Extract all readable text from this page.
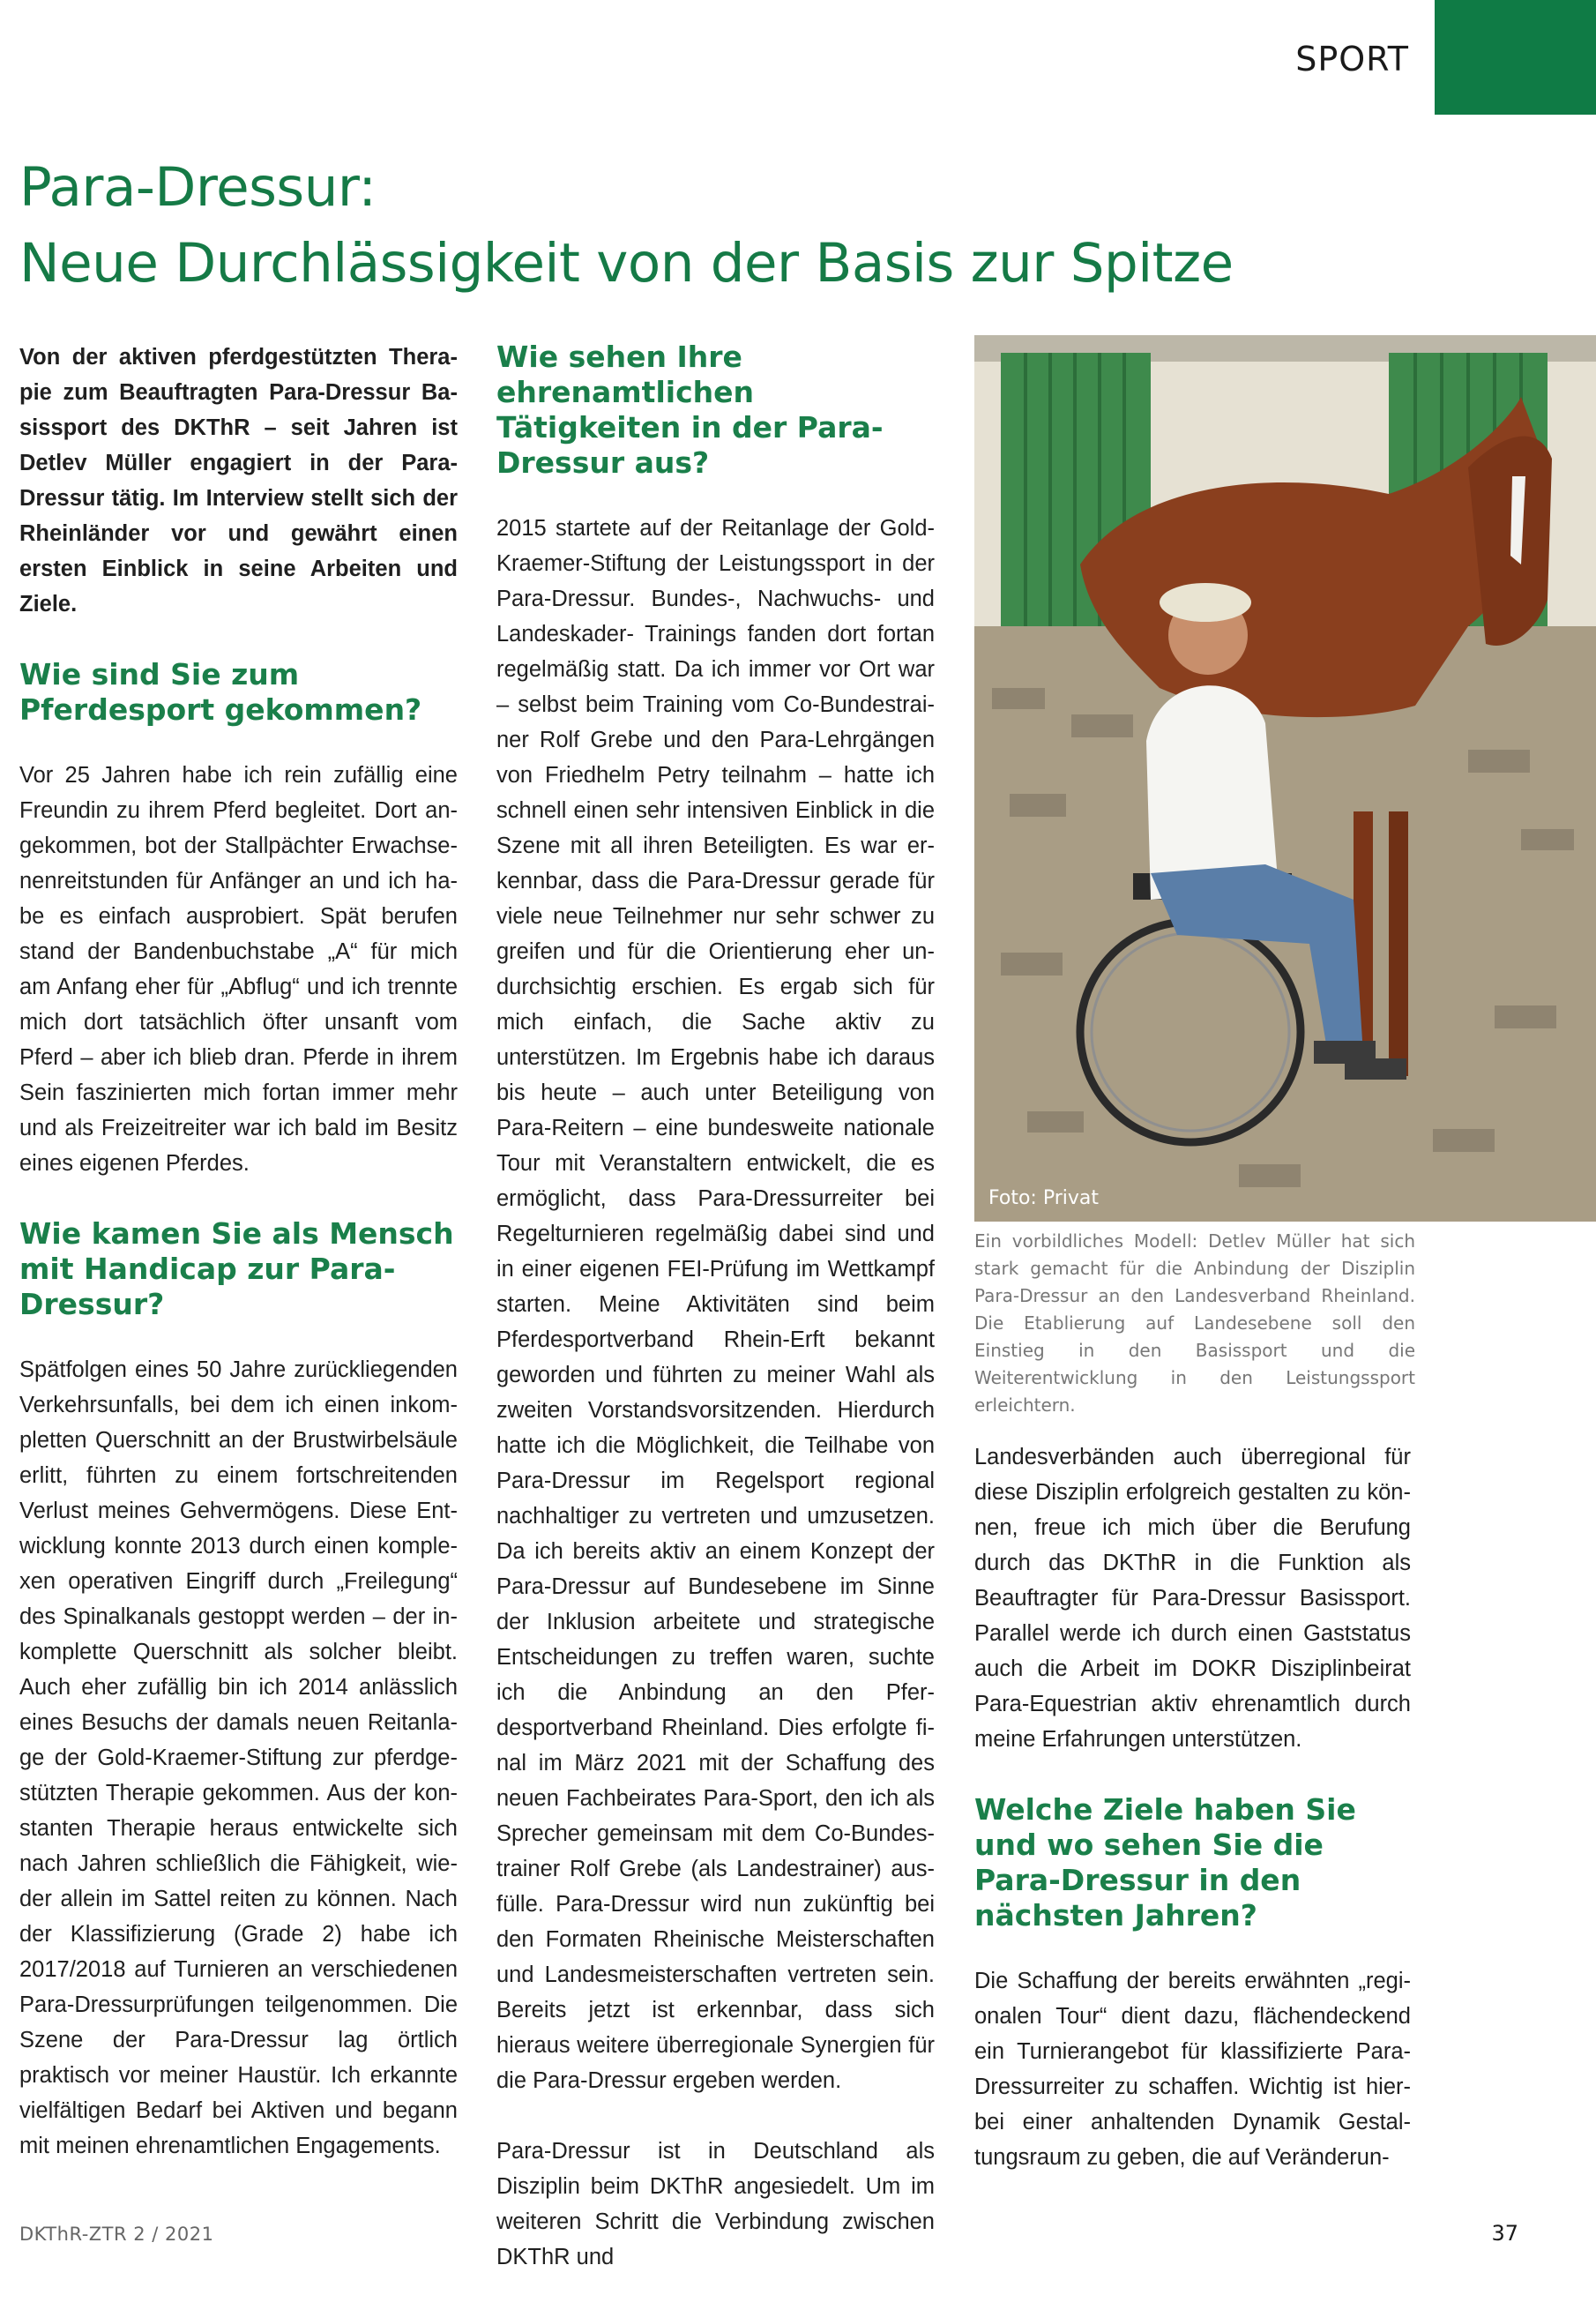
SPORT
Para-Dressur:
Neue Durchlässigkeit von der Basis zur Spitze

Von der aktiven pferdgestützten Therapie zum Beauftragten Para-Dressur Basissport des DKThR – seit Jahren ist Detlev Müller engagiert in der Para-Dressur tätig. Im Interview stellt sich der Rheinländer vor und gewährt einen ersten Einblick in seine Arbeiten und Ziele.

Wie sind Sie zum Pferdesport gekommen?

Vor 25 Jahren habe ich rein zufällig eine Freundin zu ihrem Pferd begleitet. Dort angekommen, bot der Stallpächter Erwachsenenreitstunden für Anfänger an und ich habe es einfach ausprobiert. Spät berufen stand der Bandenbuchstabe „A“ für mich am Anfang eher für „Abflug“ und ich trennte mich dort tatsächlich öfter unsanft vom Pferd – aber ich blieb dran. Pferde in ihrem Sein faszinierten mich fortan immer mehr und als Freizeitreiter war ich bald im Besitz eines eigenen Pferdes.

Wie kamen Sie als Mensch mit Handicap zur Para-Dressur?

Spätfolgen eines 50 Jahre zurückliegenden Verkehrsunfalls, bei dem ich einen inkompletten Querschnitt an der Brustwirbelsäule erlitt, führten zu einem fortschreitenden Verlust meines Gehvermögens. Diese Entwicklung konnte 2013 durch einen komplexen operativen Eingriff durch „Freilegung“ des Spinalkanals gestoppt werden – der inkomplette Querschnitt als solcher bleibt. Auch eher zufällig bin ich 2014 anlässlich eines Besuchs der damals neuen Reitanlage der Gold-Kraemer-Stiftung zur pferdgestützten Therapie gekommen. Aus der konstanten Therapie heraus entwickelte sich nach Jahren schließlich die Fähigkeit, wieder allein im Sattel reiten zu können. Nach der Klassifizierung (Grade 2) habe ich 2017/2018 auf Turnieren an verschiedenen Para-Dressurprüfungen teilgenommen. Die Szene der Para-Dressur lag örtlich praktisch vor meiner Haustür. Ich erkannte vielfältigen Bedarf bei Aktiven und begann mit meinen ehrenamtlichen Engagements.

Wie sehen Ihre ehrenamtlichen Tätigkeiten in der Para-Dressur aus?

2015 startete auf der Reitanlage der Gold-Kraemer-Stiftung der Leistungssport in der Para-Dressur. Bundes-, Nachwuchs- und Landeskader- Trainings fanden dort fortan regelmäßig statt. Da ich immer vor Ort war – selbst beim Training vom Co-Bundestrainer Rolf Grebe und den Para-Lehrgängen von Friedhelm Petry teilnahm – hatte ich schnell einen sehr intensiven Einblick in die Szene mit all ihren Beteiligten. Es war erkennbar, dass die Para-Dressur gerade für viele neue Teilnehmer nur sehr schwer zu greifen und für die Orientierung eher undurchsichtig erschien. Es ergab sich für mich einfach, die Sache aktiv zu unterstützen. Im Ergebnis habe ich daraus bis heute – auch unter Beteiligung von Para-Reitern – eine bundesweite nationale Tour mit Veranstaltern entwickelt, die es ermöglicht, dass Para-Dressurreiter bei Regelturnieren regelmäßig dabei sind und in einer eigenen FEI-Prüfung im Wettkampf starten. Meine Aktivitäten sind beim Pferdesportverband Rhein-Erft bekannt geworden und führten zu meiner Wahl als zweiten Vorstandsvorsitzenden. Hierdurch hatte ich die Möglichkeit, die Teilhabe von Para-Dressur im Regelsport regional nachhaltiger zu vertreten und umzusetzen. Da ich bereits aktiv an einem Konzept der Para-Dressur auf Bundesebene im Sinne der Inklusion arbeitete und strategische Entscheidungen zu treffen waren, suchte ich die Anbindung an den Pferdesportverband Rheinland. Dies erfolgte final im März 2021 mit der Schaffung des neuen Fachbeirates Para-Sport, den ich als Sprecher gemeinsam mit dem Co-Bundestrainer Rolf Grebe (als Landestrainer) ausfülle. Para-Dressur wird nun zukünftig bei den Formaten Rheinische Meisterschaften und Landesmeisterschaften vertreten sein. Bereits jetzt ist erkennbar, dass sich hieraus weitere überregionale Synergien für die Para-Dressur ergeben werden.

Para-Dressur ist in Deutschland als Disziplin beim DKThR angesiedelt. Um im weiteren Schritt die Verbindung zwischen DKThR und

Foto: Privat

Ein vorbildliches Modell: Detlev Müller hat sich stark gemacht für die Anbindung der Disziplin Para-Dressur an den Landesverband Rheinland. Die Etablierung auf Landesebene soll den Einstieg in den Basissport und die Weiterentwicklung in den Leistungssport erleichtern.

Landesverbänden auch überregional für diese Disziplin erfolgreich gestalten zu können, freue ich mich über die Berufung durch das DKThR in die Funktion als Beauftragter für Para-Dressur Basissport. Parallel werde ich durch einen Gaststatus auch die Arbeit im DOKR Disziplinbeirat Para-Equestrian aktiv ehrenamtlich durch meine Erfahrungen unterstützen.

Welche Ziele haben Sie und wo sehen Sie die Para-Dressur in den nächsten Jahren?

Die Schaffung der bereits erwähnten „regionalen Tour“ dient dazu, flächendeckend ein Turnierangebot für klassifizierte Para-Dressurreiter zu schaffen. Wichtig ist hierbei einer anhaltenden Dynamik Gestaltungsraum zu geben, die auf Veränderun-

DKThR-ZTR 2 / 2021	37
